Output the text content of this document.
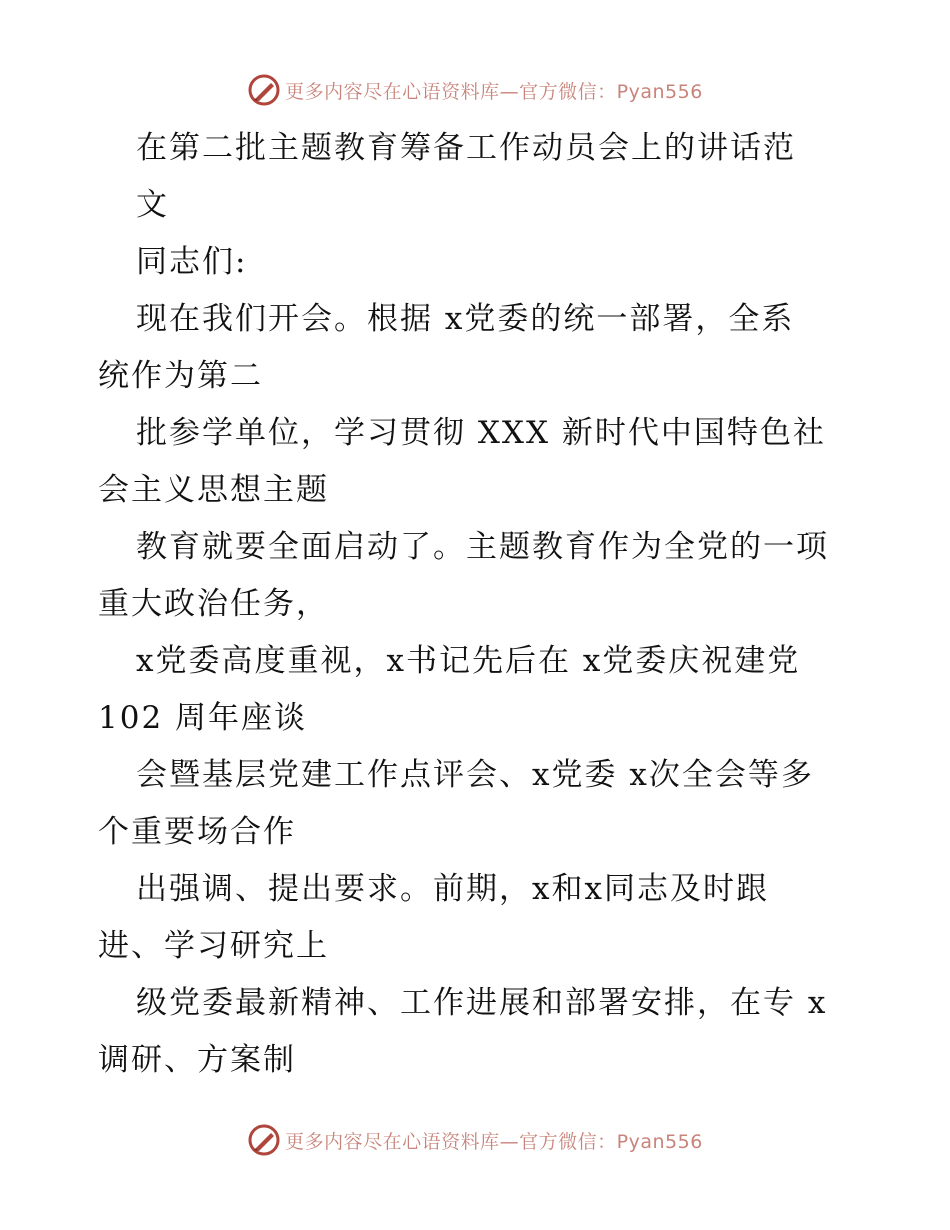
更多内容尽在心语资料库—官方微信：Pyan556
在第二批主题教育筹备工作动员会上的讲话范
文
同志们:
现在我们开会。根据 x党委的统一部署，全系
统作为第二
批参学单位，学习贯彻 XXX 新时代中国特色社
会主义思想主题
教育就要全面启动了。主题教育作为全党的一项
重大政治任务，
x党委高度重视，x书记先后在 x党委庆祝建党
102 周年座谈
会暨基层党建工作点评会、x党委 x次全会等多
个重要场合作
出强调、提出要求。前期，x和x同志及时跟
进、学习研究上
级党委最新精神、工作进展和部署安排，在专 x
调研、方案制
更多内容尽在心语资料库—官方微信：Pyan556
